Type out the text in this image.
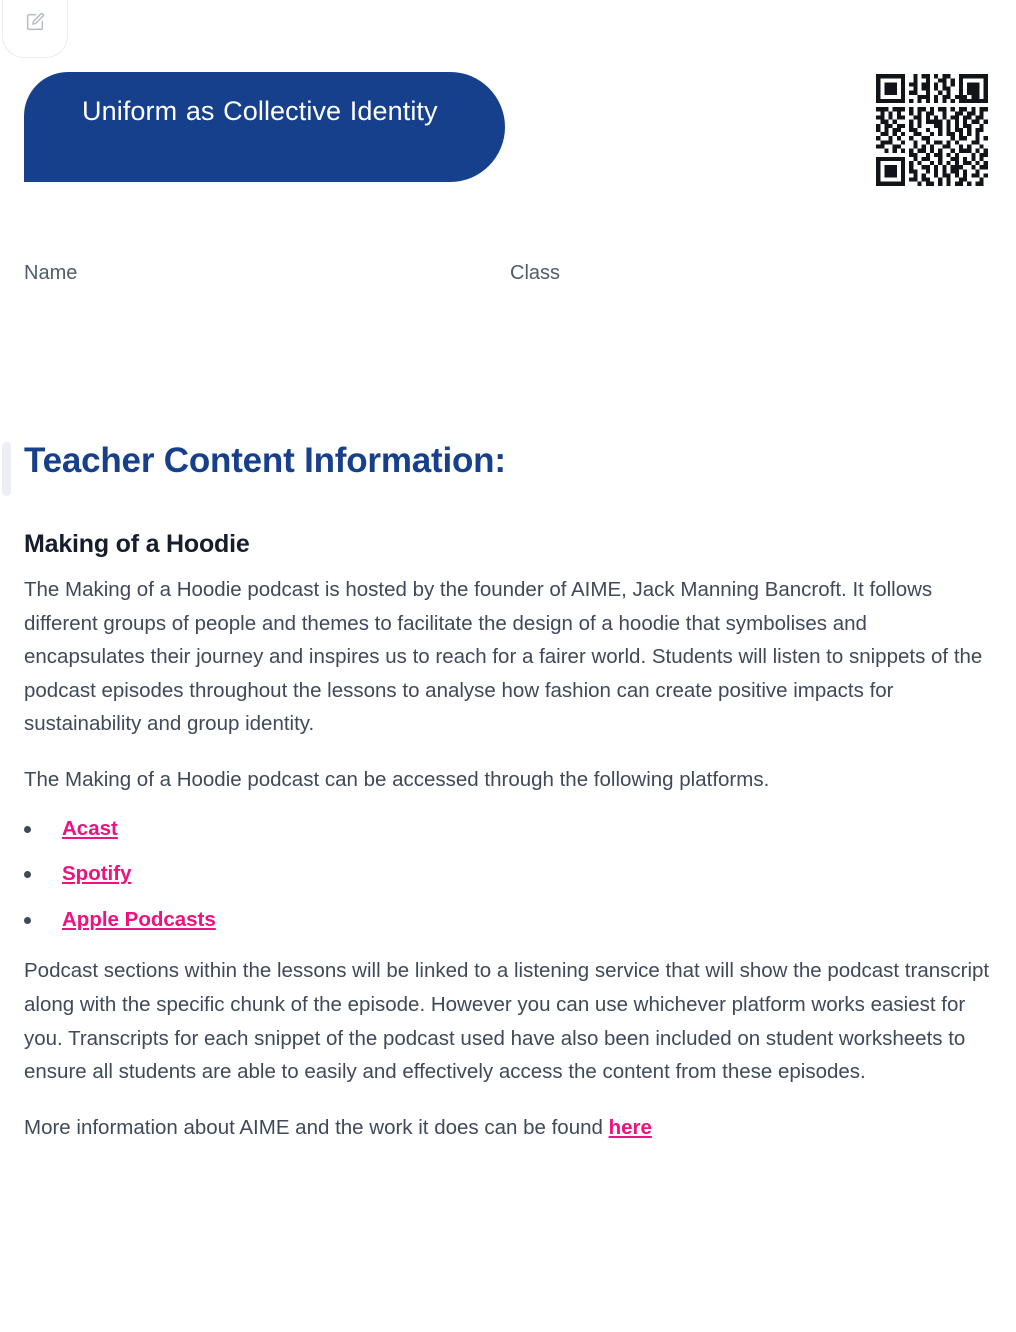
Uniform as Collective Identity
Name	Class
Teacher Content Information:
Making of a Hoodie

The Making of a Hoodie podcast is hosted by the founder of AIME, Jack Manning Bancroft. It follows different groups of people and themes to facilitate the design of a hoodie that symbolises and encapsulates their journey and inspires us to reach for a fairer world. Students will listen to snippets of the podcast episodes throughout the lessons to analyse how fashion can create positive impacts for sustainability and group identity.

The Making of a Hoodie podcast can be accessed through the following platforms.

Acast
Spotify
Apple Podcasts

Podcast sections within the lessons will be linked to a listening service that will show the podcast transcript along with the specific chunk of the episode. However you can use whichever platform works easiest for you. Transcripts for each snippet of the podcast used have also been included on student worksheets to ensure all students are able to easily and effectively access the content from these episodes.

More information about AIME and the work it does can be found here
